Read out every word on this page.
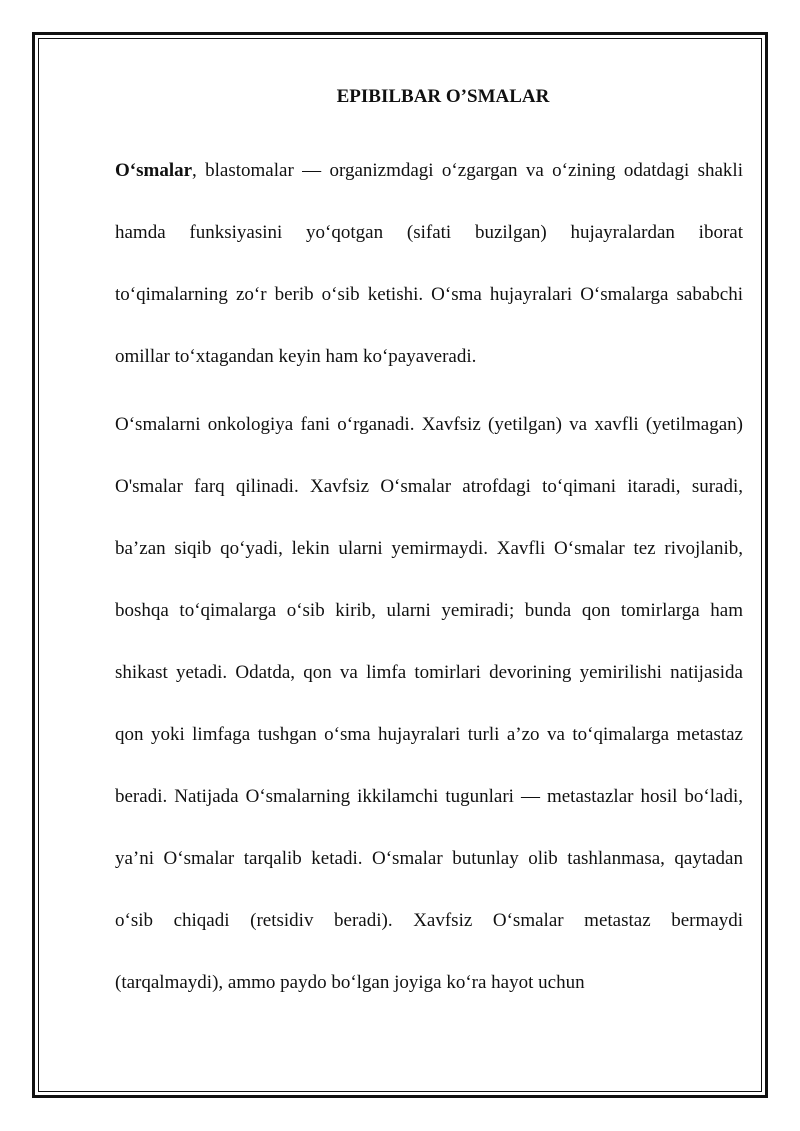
EPIBILBAR O’SMALAR

O‘smalar, blastomalar — organizmdagi o‘zgargan va o‘zining odatdagi shakli hamda funksiyasini yo‘qotgan (sifati buzilgan) hujayralardan iborat to‘qimalarning zo‘r berib o‘sib ketishi. O‘sma hujayralari O‘smalarga sababchi omillar to‘xtagandan keyin ham ko‘payaveradi.

O‘smalarni onkologiya fani o‘rganadi. Xavfsiz (yetilgan) va xavfli (yetilmagan) O'smalar farq qilinadi. Xavfsiz O‘smalar atrofdagi to‘qimani itaradi, suradi, ba’zan siqib qo‘yadi, lekin ularni yemirmaydi. Xavfli O‘smalar tez rivojlanib, boshqa to‘qimalarga o‘sib kirib, ularni yemiradi; bunda qon tomirlarga ham shikast yetadi. Odatda, qon va limfa tomirlari devorining yemirilishi natijasida qon yoki limfaga tushgan o‘sma hujayralari turli a’zo va to‘qimalarga metastaz beradi. Natijada O‘smalarning ikkilamchi tugunlari — metastazlar hosil bo‘ladi, ya’ni O‘smalar tarqalib ketadi. O‘smalar butunlay olib tashlanmasa, qaytadan o‘sib chiqadi (retsidiv beradi). Xavfsiz O‘smalar metastaz bermaydi (tarqalmaydi), ammo paydo bo‘lgan joyiga ko‘ra hayot uchun
